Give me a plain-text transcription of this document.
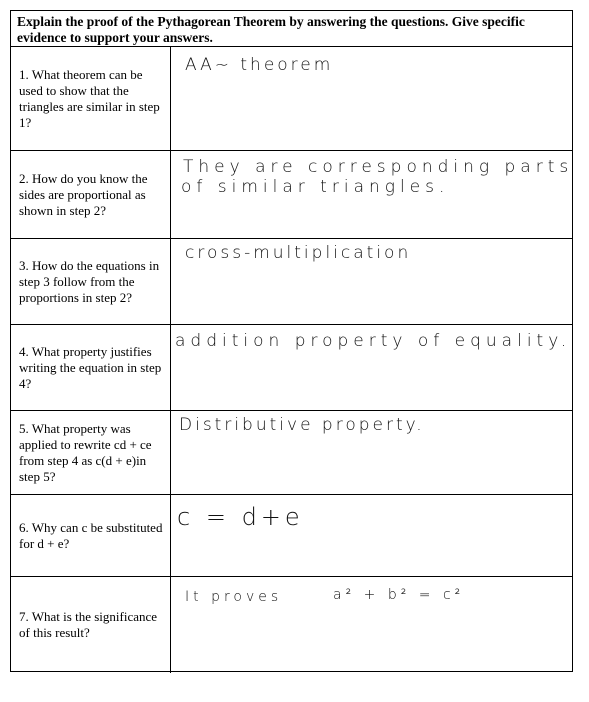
Explain the proof of the Pythagorean Theorem by answering the questions. Give specific evidence to support your answers.
1. What theorem can be used to show that the triangles are similar in step 1?
AA~ theorem
2. How do you know the sides are proportional as shown in step 2?
They are corresponding parts
of similar triangles.
3. How do the equations in step 3 follow from the proportions in step 2?
cross-multiplication
4. What property justifies writing the equation in step 4?
addition property of equality.
5. What property was applied to rewrite cd + ce from step 4 as c(d + e)in step 5?
Distributive property.
6. Why can c be substituted for d + e?
c = d+e
7. What is the significance of this result?
It proves	a² + b² = c²
